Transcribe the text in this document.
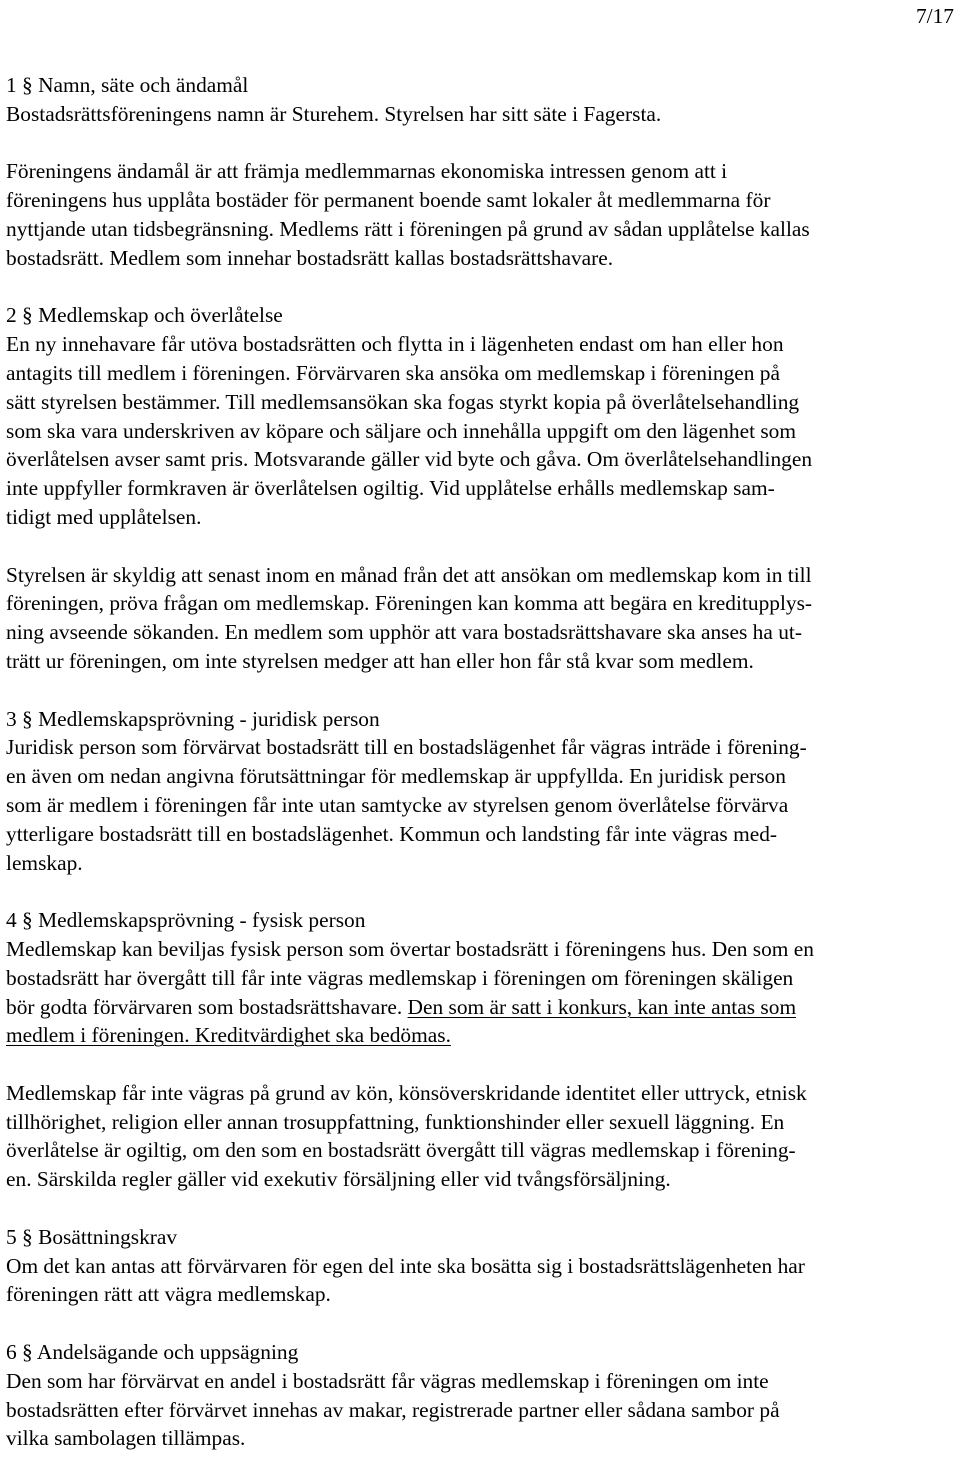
7/17
1 § Namn, säte och ändamål
Bostadsrättsföreningens namn är Sturehem. Styrelsen har sitt säte i Fagersta.
Föreningens ändamål är att främja medlemmarnas ekonomiska intressen genom att i
föreningens hus upplåta bostäder för permanent boende samt lokaler åt medlemmarna för
nyttjande utan tidsbegränsning. Medlems rätt i föreningen på grund av sådan upplåtelse kallas
bostadsrätt. Medlem som innehar bostadsrätt kallas bostadsrättshavare.
2 § Medlemskap och överlåtelse
En ny innehavare får utöva bostadsrätten och flytta in i lägenheten endast om han eller hon
antagits till medlem i föreningen. Förvärvaren ska ansöka om medlemskap i föreningen på
sätt styrelsen bestämmer. Till medlemsansökan ska fogas styrkt kopia på överlåtelsehandling
som ska vara underskriven av köpare och säljare och innehålla uppgift om den lägenhet som
överlåtelsen avser samt pris. Motsvarande gäller vid byte och gåva. Om överlåtelsehandlingen
inte uppfyller formkraven är överlåtelsen ogiltig. Vid upplåtelse erhålls medlemskap sam-
tidigt med upplåtelsen.
Styrelsen är skyldig att senast inom en månad från det att ansökan om medlemskap kom in till
föreningen, pröva frågan om medlemskap. Föreningen kan komma att begära en kreditupplys-
ning avseende sökanden. En medlem som upphör att vara bostadsrättshavare ska anses ha ut-
trätt ur föreningen, om inte styrelsen medger att han eller hon får stå kvar som medlem.
3 § Medlemskapsprövning - juridisk person
Juridisk person som förvärvat bostadsrätt till en bostadslägenhet får vägras inträde i förening-
en även om nedan angivna förutsättningar för medlemskap är uppfyllda. En juridisk person
som är medlem i föreningen får inte utan samtycke av styrelsen genom överlåtelse förvärva
ytterligare bostadsrätt till en bostadslägenhet. Kommun och landsting får inte vägras med-
lemskap.
4 § Medlemskapsprövning - fysisk person
Medlemskap kan beviljas fysisk person som övertar bostadsrätt i föreningens hus. Den som en
bostadsrätt har övergått till får inte vägras medlemskap i föreningen om föreningen skäligen
bör godta förvärvaren som bostadsrättshavare. Den som är satt i konkurs, kan inte antas som
medlem i föreningen. Kreditvärdighet ska bedömas.
Medlemskap får inte vägras på grund av kön, könsöverskridande identitet eller uttryck, etnisk
tillhörighet, religion eller annan trosuppfattning, funktionshinder eller sexuell läggning. En
överlåtelse är ogiltig, om den som en bostadsrätt övergått till vägras medlemskap i förening-
en. Särskilda regler gäller vid exekutiv försäljning eller vid tvångsförsäljning.
5 § Bosättningskrav
Om det kan antas att förvärvaren för egen del inte ska bosätta sig i bostadsrättslägenheten har
föreningen rätt att vägra medlemskap.
6 § Andelsägande och uppsägning
Den som har förvärvat en andel i bostadsrätt får vägras medlemskap i föreningen om inte
bostadsrätten efter förvärvet innehas av makar, registrerade partner eller sådana sambor på
vilka sambolagen tillämpas.
